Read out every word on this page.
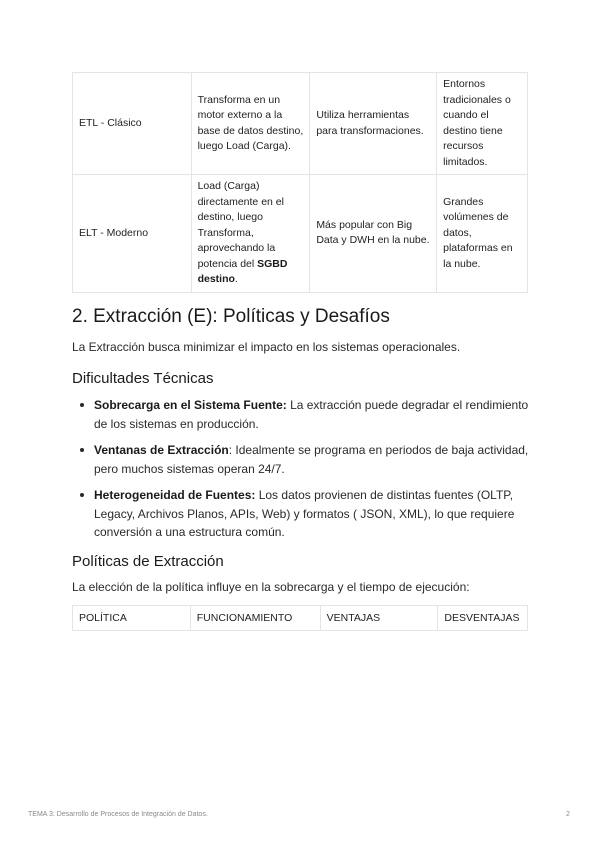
ETL - Clásico	Transforma en un motor externo a la base de datos destino, luego Load (Carga).	Utiliza herramientas para transformaciones.	Entornos tradicionales o cuando el destino tiene recursos limitados.
ELT - Moderno	Load (Carga) directamente en el destino, luego Transforma, aprovechando la potencia del SGBD destino.	Más popular con Big Data y DWH en la nube.	Grandes volúmenes de datos, plataformas en la nube.
2. Extracción (E): Políticas y Desafíos

La Extracción busca minimizar el impacto en los sistemas operacionales.

Dificultades Técnicas
Sobrecarga en el Sistema Fuente: La extracción puede degradar el rendimiento de los sistemas en producción.
Ventanas de Extracción: Idealmente se programa en periodos de baja actividad, pero muchos sistemas operan 24/7.
Heterogeneidad de Fuentes: Los datos provienen de distintas fuentes (OLTP, Legacy, Archivos Planos, APIs, Web) y formatos ( JSON, XML), lo que requiere conversión a una estructura común.
Políticas de Extracción

La elección de la política influye en la sobrecarga y el tiempo de ejecución:

POLÍTICA	FUNCIONAMIENTO	VENTAJAS	DESVENTAJAS
TEMA 3: Desarrollo de Procesos de Integración de Datos.	2
